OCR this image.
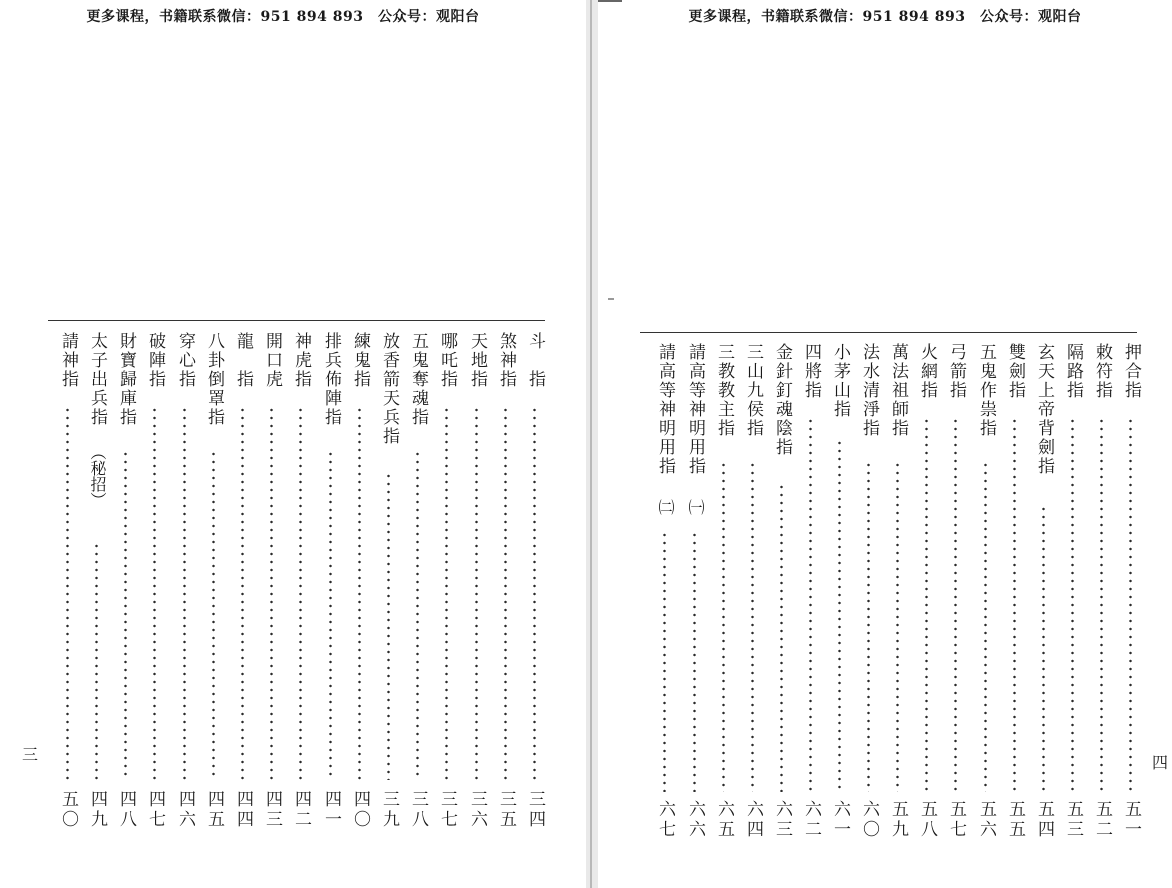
更多课程，书籍联系微信：951 894 893　公众号：观阳台
斗　指
三四
煞神指
三五
天地指
三六
哪吒指
三七
五鬼奪魂指
三八
放香箭天兵指
三九
練鬼指
四〇
排兵佈陣指
四一
神虎指
四二
開口虎
四三
龍　指
四四
八卦倒罩指
四五
穿心指
四六
破陣指
四七
財寶歸庫指
四八
太子出兵指
︵秘招︶
四九
請神指
五〇
三
更多课程，书籍联系微信：951 894 893　公众号：观阳台
押合指
五一
敕符指
五二
隔路指
五三
玄天上帝背劍指
五四
雙劍指
五五
五鬼作祟指
五六
弓箭指
五七
火網指
五八
萬法祖師指
五九
法水清淨指
六〇
小茅山指
六一
四將指
六二
金針釘魂陰指
六三
三山九侯指
六四
三教教主指
六五
請高等神明用指
㈠
六六
請高等神明用指
㈡
六七
四
